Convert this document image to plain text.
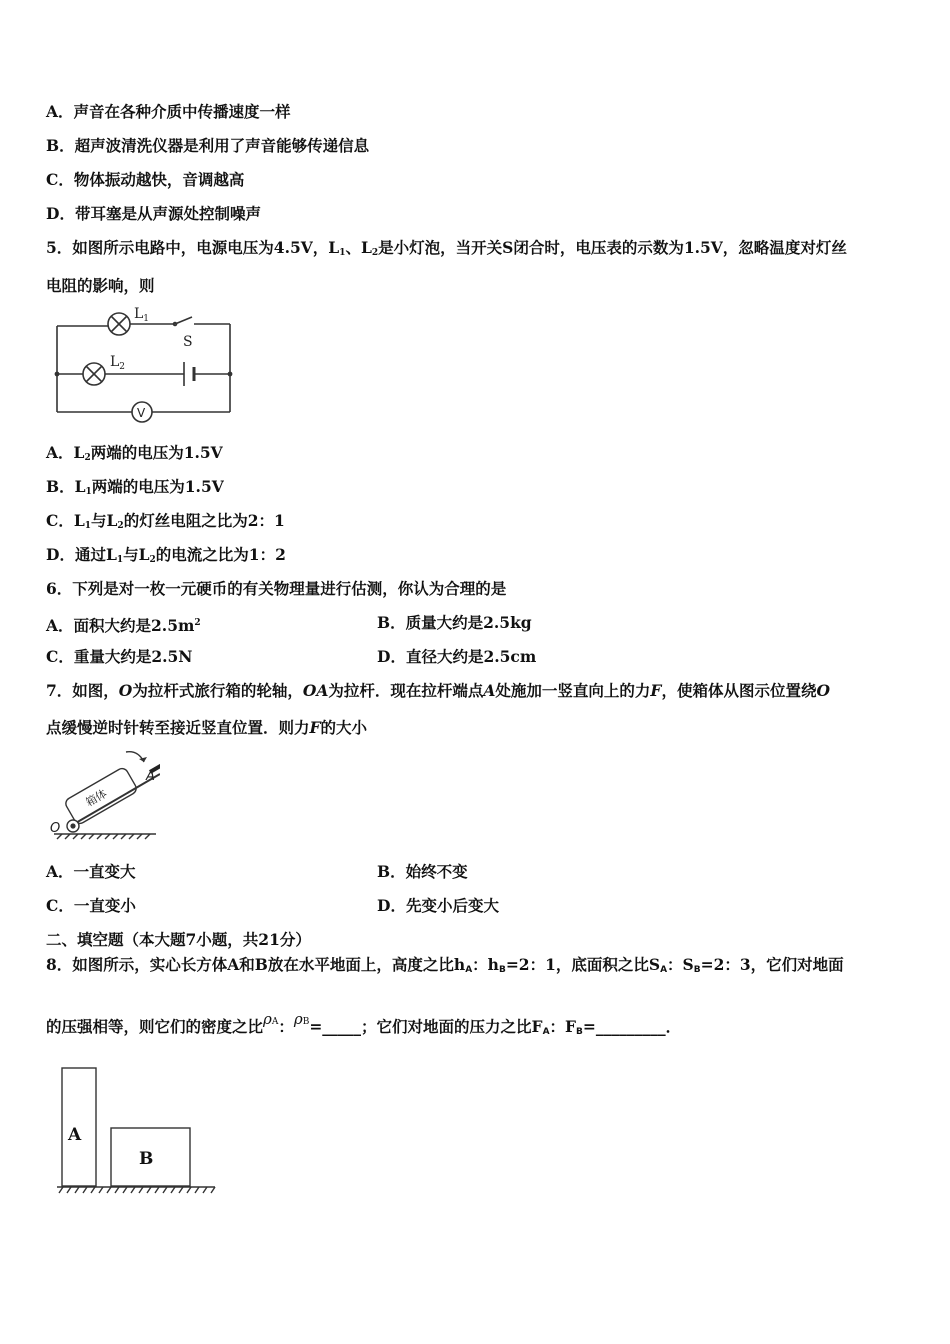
A．声音在各种介质中传播速度一样
B．超声波清洗仪器是利用了声音能够传递信息
C．物体振动越快，音调越高
D．带耳塞是从声源处控制噪声
5．如图所示电路中，电源电压为4.5V，$L_1$、$L_2$是小灯泡，当开关S闭合时，电压表的示数为1.5V，忽略温度对灯丝
电阻的影响，则
$L_1$
S
$L_2$
V
A．$L_2$两端的电压为1.5V
B．$L_1$两端的电压为1.5V
C．$L_1$与$L_2$的灯丝电阻之比为2：1
D．通过$L_1$与$L_2$的电流之比为1：2
6．下列是对一枚一元硬币的有关物理量进行估测，你认为合理的是
A．面积大约是$2.5m^2$	B．质量大约是2.5kg
C．重量大约是2.5N	D．直径大约是2.5cm
7．如图，O为拉杆式旅行箱的轮轴，OA为拉杆．现在拉杆端点A处施加一竖直向上的力F，使箱体从图示位置绕O
点缓慢逆时针转至接近竖直位置．则力F的大小
箱体
O
A
A．一直变大	B．始终不变
C．一直变小	D．先变小后变大
二、填空题（本大题7小题，共21分）
8．如图所示，实心长方体A和B放在水平地面上，高度之比$h_A$：$h_B=2$：1，底面积之比$S_A$：$S_B=2$：3，它们对地面
的压强相等，则它们的密度之比ρA：ρB=_____；它们对地面的压力之比$F_A$：$F_B=\_\_\_\_\_\_\_\_\_$．
A
B
